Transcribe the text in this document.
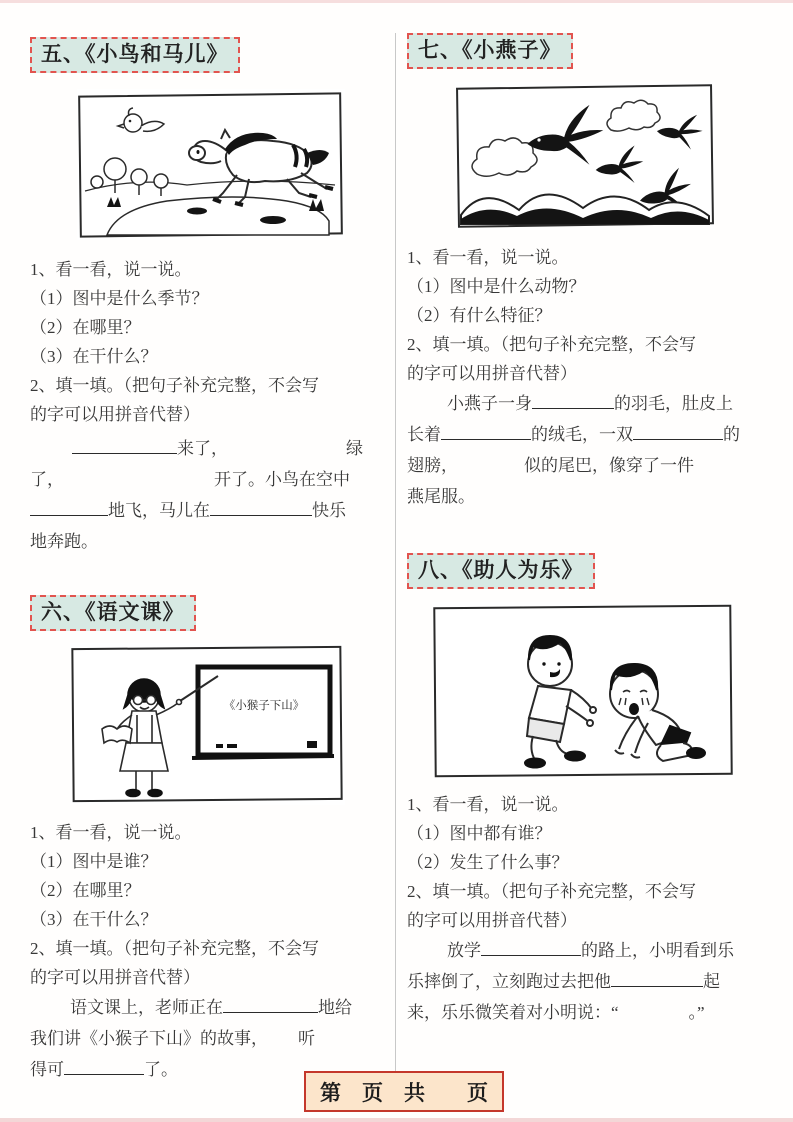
五、《小鸟和马儿》
1、看一看，说一说。
（1）图中是什么季节？
（2）在哪里？
（3）在干什么？
2、填一填。（把句子补充完整，不会写
的字可以用拼音代替）
来了，	绿
了，	开了。小鸟在空中
地飞，马儿在	快乐
地奔跑。
六、《语文课》
《小猴子下山》
1、看一看，说一说。
（1）图中是谁？
（2）在哪里？
（3）在干什么？
2、填一填。（把句子补充完整，不会写
的字可以用拼音代替）
语文课上，老师正在	地给
我们讲《小猴子下山》的故事， 听
得可	了。
七、《小燕子》
1、看一看，说一说。
（1）图中是什么动物？
（2）有什么特征？
2、填一填。（把句子补充完整，不会写
的字可以用拼音代替）
小燕子一身	的羽毛，肚皮上
长着	的绒毛，一双	的
翅膀，	似的尾巴，像穿了一件
燕尾服。
八、《助人为乐》
1、看一看，说一说。
（1）图中都有谁？
（2）发生了什么事？
2、填一填。（把句子补充完整，不会写
的字可以用拼音代替）
放学	的路上，小明看到乐
乐摔倒了，立刻跑过去把他	起
来，乐乐微笑着对小明说：“	。”
第　页　共　　页
